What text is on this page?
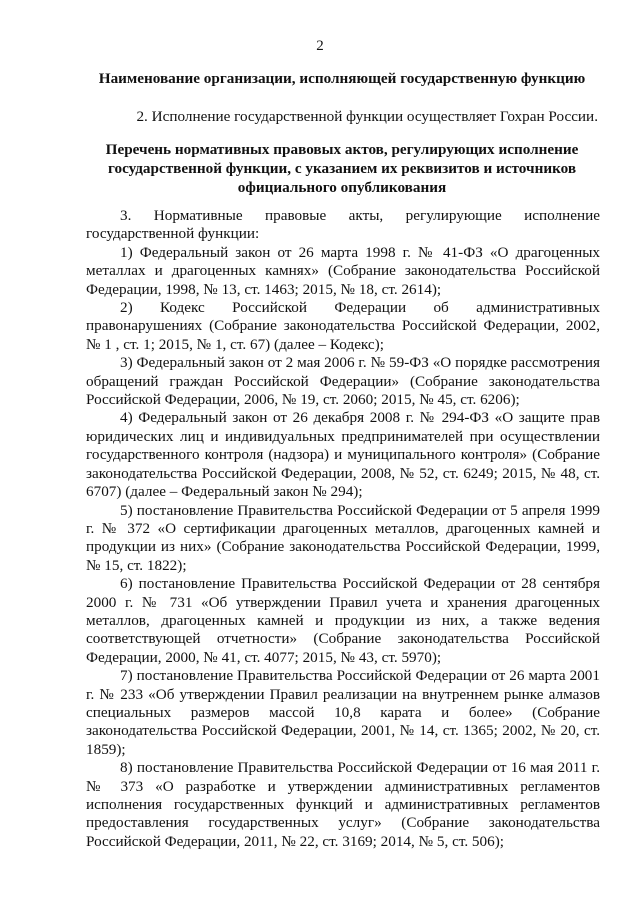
2
Наименование организации, исполняющей государственную функцию
2. Исполнение государственной функции осуществляет Гохран России.
Перечень нормативных правовых актов, регулирующих исполнение государственной функции, с указанием их реквизитов и источников официального опубликования

3. Нормативные правовые акты, регулирующие исполнение государственной функции:

1) Федеральный закон от 26 марта 1998 г. № 41-ФЗ «О драгоценных металлах и драгоценных камнях» (Собрание законодательства Российской Федерации, 1998, № 13, ст. 1463; 2015, № 18, ст. 2614);

2) Кодекс Российской Федерации об административных правонарушениях (Собрание законодательства Российской Федерации, 2002, № 1 , ст. 1; 2015, № 1, ст. 67) (далее – Кодекс);

3) Федеральный закон от 2 мая 2006 г. № 59-ФЗ «О порядке рассмотрения обращений граждан Российской Федерации» (Собрание законодательства Российской Федерации, 2006, № 19, ст. 2060; 2015, № 45, ст. 6206);

4) Федеральный закон от 26 декабря 2008 г. № 294-ФЗ «О защите прав юридических лиц и индивидуальных предпринимателей при осуществлении государственного контроля (надзора) и муниципального контроля» (Собрание законодательства Российской Федерации, 2008, № 52, ст. 6249; 2015, № 48, ст. 6707) (далее – Федеральный закон № 294);

5) постановление Правительства Российской Федерации от 5 апреля 1999 г. № 372 «О сертификации драгоценных металлов, драгоценных камней и продукции из них» (Собрание законодательства Российской Федерации, 1999, № 15, ст. 1822);

6) постановление Правительства Российской Федерации от 28 сентября 2000 г. № 731 «Об утверждении Правил учета и хранения драгоценных металлов, драгоценных камней и продукции из них, а также ведения соответствующей отчетности» (Собрание законодательства Российской Федерации, 2000, № 41, ст. 4077; 2015, № 43, ст. 5970);

7) постановление Правительства Российской Федерации от 26 марта 2001 г. № 233 «Об утверждении Правил реализации на внутреннем рынке алмазов специальных размеров массой 10,8 карата и более» (Собрание законодательства Российской Федерации, 2001, № 14, ст. 1365; 2002, № 20, ст. 1859);

8) постановление Правительства Российской Федерации от 16 мая 2011 г. № 373 «О разработке и утверждении административных регламентов исполнения государственных функций и административных регламентов предоставления государственных услуг» (Собрание законодательства Российской Федерации, 2011, № 22, ст. 3169; 2014, № 5, ст. 506);
